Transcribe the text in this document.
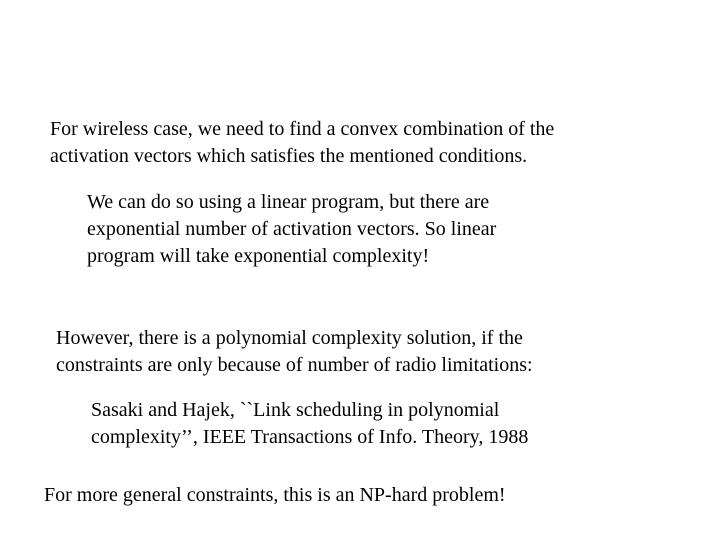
For wireless case, we need to find a convex combination of the
activation vectors which satisfies the mentioned conditions.

We can do so using a linear program, but there are
exponential number of activation vectors. So linear
program will take exponential complexity!

However, there is a polynomial complexity solution, if the
constraints are only because of number of radio limitations:

Sasaki and Hajek, ``Link scheduling in polynomial
complexity’’, IEEE Transactions of Info. Theory, 1988

For more general constraints, this is an NP-hard problem!
